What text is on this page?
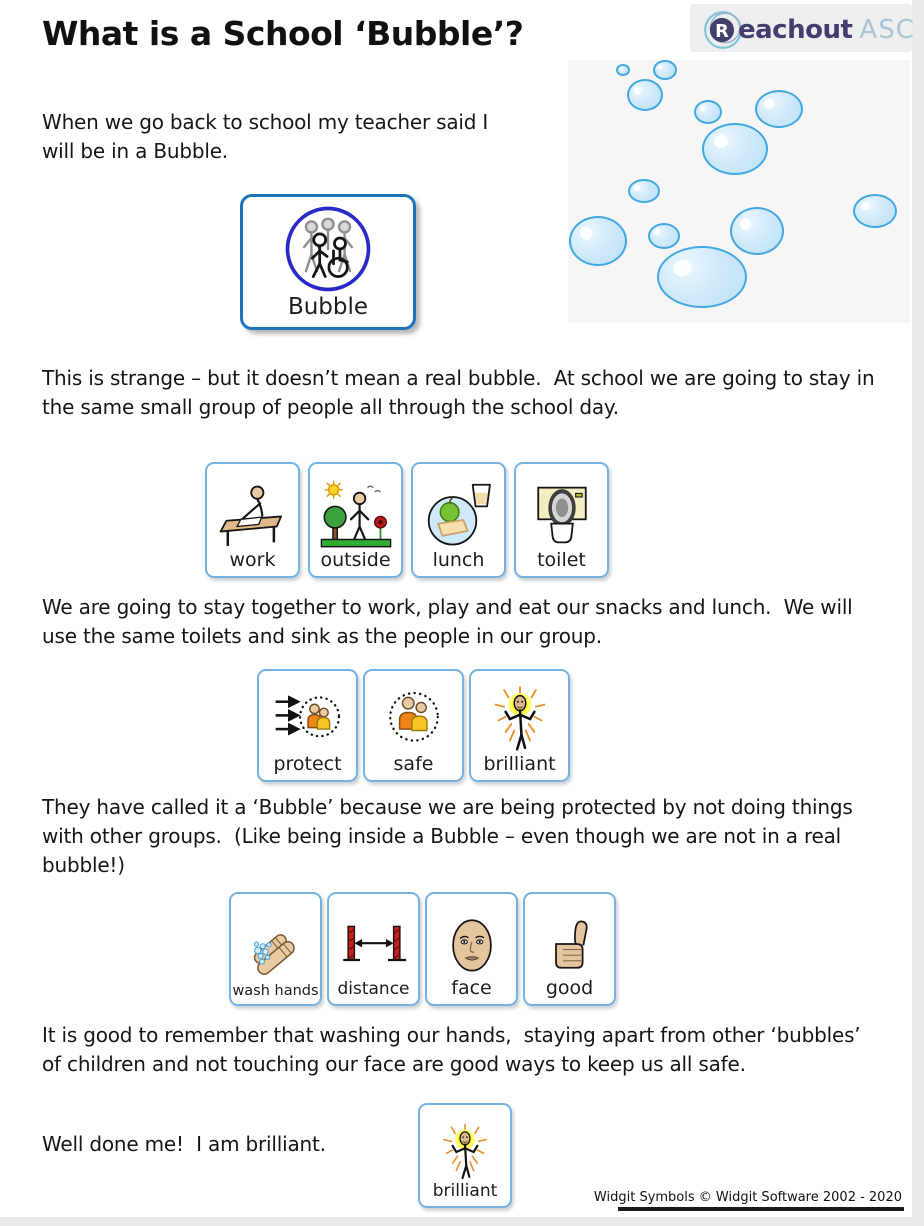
What is a School ‘Bubble’?	R eachout ASC
When we go back to school my teacher said I will be in a Bubble.
This is strange – but it doesn’t mean a real bubble.  At school we are going to stay in the same small group of people all through the school day.
We are going to stay together to work, play and eat our snacks and lunch.  We will use the same toilets and sink as the people in our group.
They have called it a ‘Bubble’ because we are being protected by not doing things with other groups.  (Like being inside a Bubble – even though we are not in a real bubble!)
It is good to remember that washing our hands,  staying apart from other ‘bubbles’ of children and not touching our face are good ways to keep us all safe.
Well done me!  I am brilliant.
Bubble
work outside lunch	toilet
protect	safe	brilliant
wash hands distance face	good
brilliant	Widgit Symbols © Widgit Software 2002 - 2020
